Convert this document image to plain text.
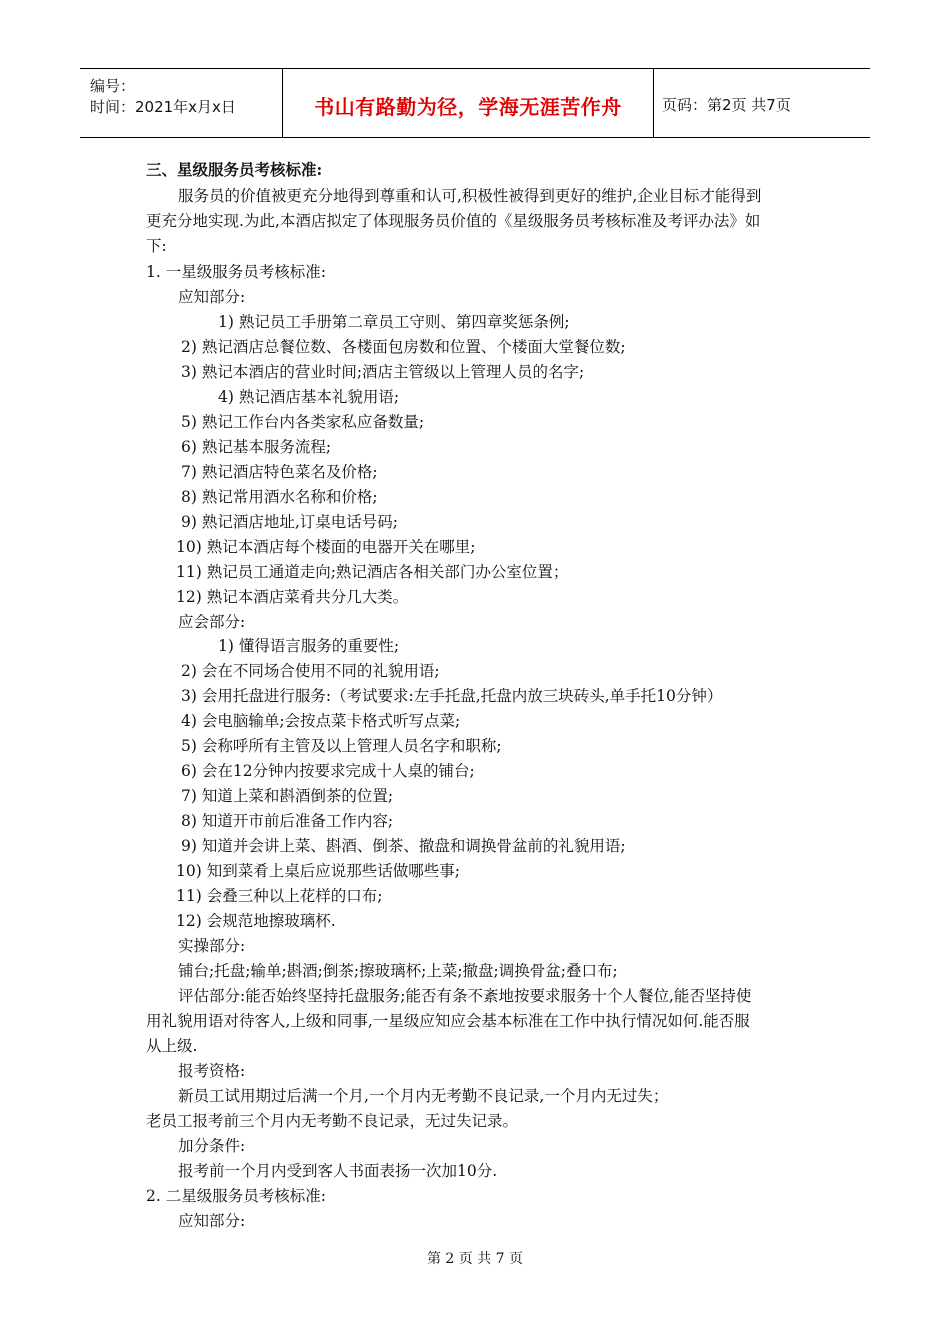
编号：
时间：2021年x月x日	书山有路勤为径，学海无涯苦作舟	页码：第2页 共7页
三、星级服务员考核标准:
服务员的价值被更充分地得到尊重和认可,积极性被得到更好的维护,企业目标才能得到
更充分地实现.为此,本酒店拟定了体现服务员价值的《星级服务员考核标准及考评办法》如
下:
1. 一星级服务员考核标准:
应知部分:
1) 熟记员工手册第二章员工守则、第四章奖惩条例;
2) 熟记酒店总餐位数、各楼面包房数和位置、个楼面大堂餐位数;
3) 熟记本酒店的营业时间;酒店主管级以上管理人员的名字;
4) 熟记酒店基本礼貌用语;
5) 熟记工作台内各类家私应备数量;
6) 熟记基本服务流程;
7) 熟记酒店特色菜名及价格;
8) 熟记常用酒水名称和价格;
9) 熟记酒店地址,订桌电话号码;
10) 熟记本酒店每个楼面的电器开关在哪里;
11) 熟记员工通道走向;熟记酒店各相关部门办公室位置；
12) 熟记本酒店菜肴共分几大类。
应会部分:
1) 懂得语言服务的重要性;
2) 会在不同场合使用不同的礼貌用语;
3) 会用托盘进行服务:（考试要求:左手托盘,托盘内放三块砖头,单手托10分钟）
4) 会电脑输单;会按点菜卡格式听写点菜;
5) 会称呼所有主管及以上管理人员名字和职称;
6) 会在12分钟内按要求完成十人桌的铺台;
7) 知道上菜和斟酒倒茶的位置;
8) 知道开市前后准备工作内容;
9) 知道并会讲上菜、斟酒、倒茶、撤盘和调换骨盆前的礼貌用语;
10) 知到菜肴上桌后应说那些话做哪些事;
11) 会叠三种以上花样的口布;
12) 会规范地擦玻璃杯.
实操部分:
铺台;托盘;输单;斟酒;倒茶;擦玻璃杯;上菜;撤盘;调换骨盆;叠口布;
评估部分:能否始终坚持托盘服务;能否有条不紊地按要求服务十个人餐位,能否坚持使
用礼貌用语对待客人,上级和同事,一星级应知应会基本标准在工作中执行情况如何.能否服
从上级.
报考资格:
新员工试用期过后满一个月,一个月内无考勤不良记录,一个月内无过失；
老员工报考前三个月内无考勤不良记录，无过失记录。
加分条件:
报考前一个月内受到客人书面表扬一次加10分.
2. 二星级服务员考核标准:
应知部分:
第 2 页 共 7 页
